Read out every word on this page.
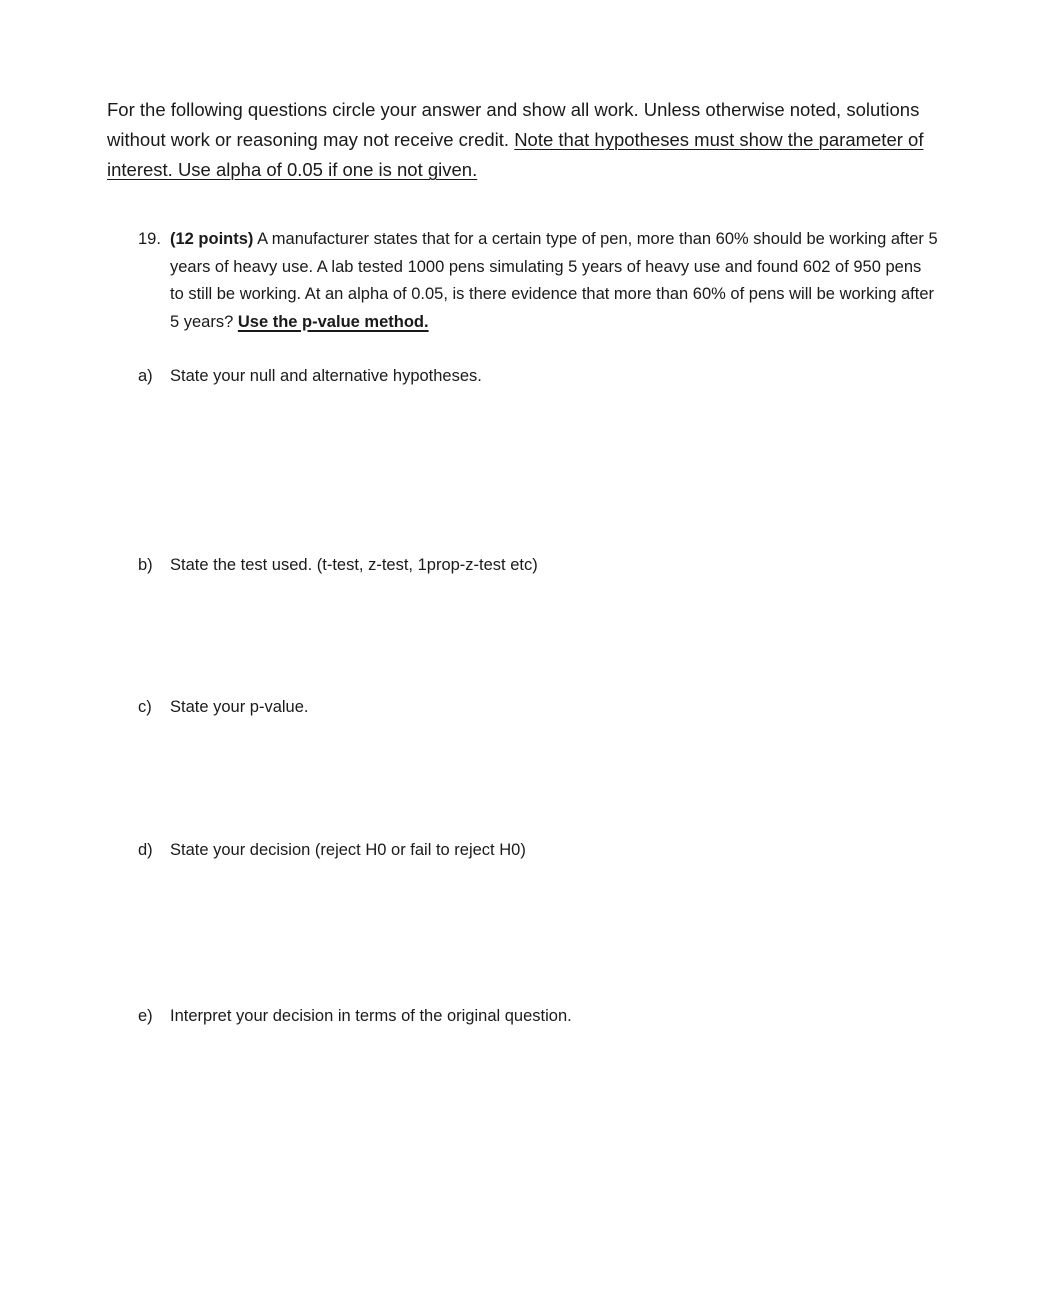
For the following questions circle your answer and show all work. Unless otherwise noted, solutions without work or reasoning may not receive credit. Note that hypotheses must show the parameter of interest. Use alpha of 0.05 if one is not given.

19. (12 points) A manufacturer states that for a certain type of pen, more than 60% should be working after 5 years of heavy use. A lab tested 1000 pens simulating 5 years of heavy use and found 602 of 950 pens to still be working. At an alpha of 0.05, is there evidence that more than 60% of pens will be working after 5 years? Use the p-value method.

a) State your null and alternative hypotheses.

b) State the test used. (t-test, z-test, 1prop-z-test etc)

c) State your p-value.

d) State your decision (reject H0 or fail to reject H0)

e) Interpret your decision in terms of the original question.
